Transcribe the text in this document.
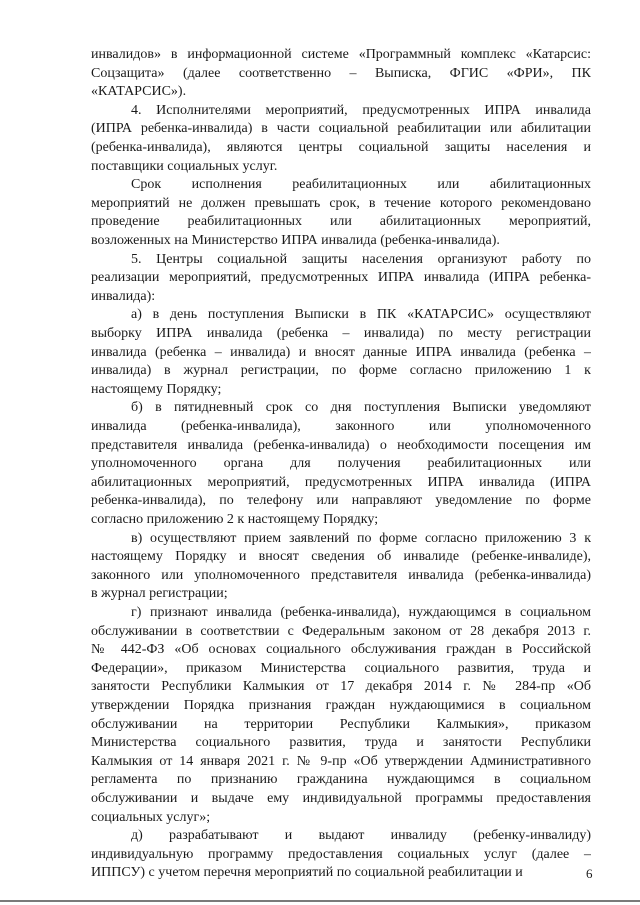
инвалидов» в информационной системе «Программный комплекс «Катарсис:
Соцзащита» (далее соответственно – Выписка, ФГИС «ФРИ», ПК
«КАТАРСИС»).
4. Исполнителями мероприятий, предусмотренных ИПРА инвалида
(ИПРА ребенка-инвалида) в части социальной реабилитации или абилитации
(ребенка-инвалида), являются центры социальной защиты населения и
поставщики социальных услуг.
Срок исполнения реабилитационных или абилитационных
мероприятий не должен превышать срок, в течение которого рекомендовано
проведение реабилитационных или абилитационных мероприятий,
возложенных на Министерство ИПРА инвалида (ребенка-инвалида).
5. Центры социальной защиты населения организуют работу по
реализации мероприятий, предусмотренных ИПРА инвалида (ИПРА ребенка-
инвалида):
а) в день поступления Выписки в ПК «КАТАРСИС» осуществляют
выборку ИПРА инвалида (ребенка – инвалида) по месту регистрации
инвалида (ребенка – инвалида) и вносят данные ИПРА инвалида (ребенка –
инвалида) в журнал регистрации, по форме согласно приложению 1 к
настоящему Порядку;
б) в пятидневный срок со дня поступления Выписки уведомляют
инвалида (ребенка-инвалида), законного или уполномоченного
представителя инвалида (ребенка-инвалида) о необходимости посещения им
уполномоченного органа для получения реабилитационных или
абилитационных мероприятий, предусмотренных ИПРА инвалида (ИПРА
ребенка-инвалида), по телефону или направляют уведомление по форме
согласно приложению 2 к настоящему Порядку;
в) осуществляют прием заявлений по форме согласно приложению 3 к
настоящему Порядку и вносят сведения об инвалиде (ребенке-инвалиде),
законного или уполномоченного представителя инвалида (ребенка-инвалида)
в журнал регистрации;
г) признают инвалида (ребенка-инвалида), нуждающимся в социальном
обслуживании в соответствии с Федеральным законом от 28 декабря 2013 г.
№ 442-ФЗ «Об основах социального обслуживания граждан в Российской
Федерации», приказом Министерства социального развития, труда и
занятости Республики Калмыкия от 17 декабря 2014 г. № 284-пр «Об
утверждении Порядка признания граждан нуждающимися в социальном
обслуживании на территории Республики Калмыкия», приказом
Министерства социального развития, труда и занятости Республики
Калмыкия от 14 января 2021 г. № 9-пр «Об утверждении Административного
регламента по признанию гражданина нуждающимся в социальном
обслуживании и выдаче ему индивидуальной программы предоставления
социальных услуг»;
д) разрабатывают и выдают инвалиду (ребенку-инвалиду)
индивидуальную программу предоставления социальных услуг (далее –
ИППСУ) с учетом перечня мероприятий по социальной реабилитации и	6
